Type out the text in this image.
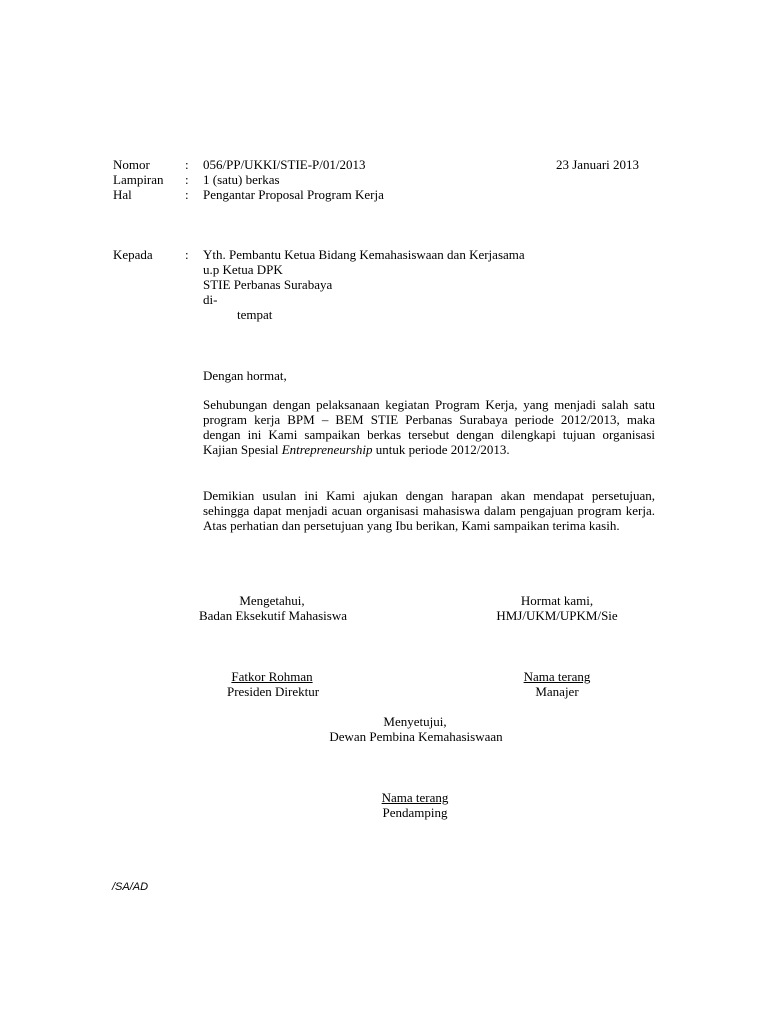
Nomor	: 056/PP/UKKI/STIE-P/01/2013	23 Januari 2013
Lampiran : 1 (satu) berkas
Hal	: Pengantar Proposal Program Kerja
Kepada : Yth. Pembantu Ketua Bidang Kemahasiswaan dan Kerjasama
u.p Ketua DPK
STIE Perbanas Surabaya
di-
tempat
Dengan hormat,

Sehubungan dengan pelaksanaan kegiatan Program Kerja, yang menjadi salah satu program kerja BPM – BEM STIE Perbanas Surabaya periode 2012/2013, maka dengan ini Kami sampaikan berkas tersebut dengan dilengkapi tujuan organisasi Kajian Spesial Entrepreneurship untuk periode 2012/2013.

Demikian usulan ini Kami ajukan dengan harapan akan mendapat persetujuan, sehingga dapat menjadi acuan organisasi mahasiswa dalam pengajuan program kerja. Atas perhatian dan persetujuan yang Ibu berikan, Kami sampaikan terima kasih.

Mengetahui,
Badan Eksekutif Mahasiswa
Fatkor Rohman
Presiden Direktur
Hormat kami,
HMJ/UKM/UPKM/Sie
Nama terang
Manajer
Menyetujui,
Dewan Pembina Kemahasiswaan
Nama terang
Pendamping
/SA/AD
